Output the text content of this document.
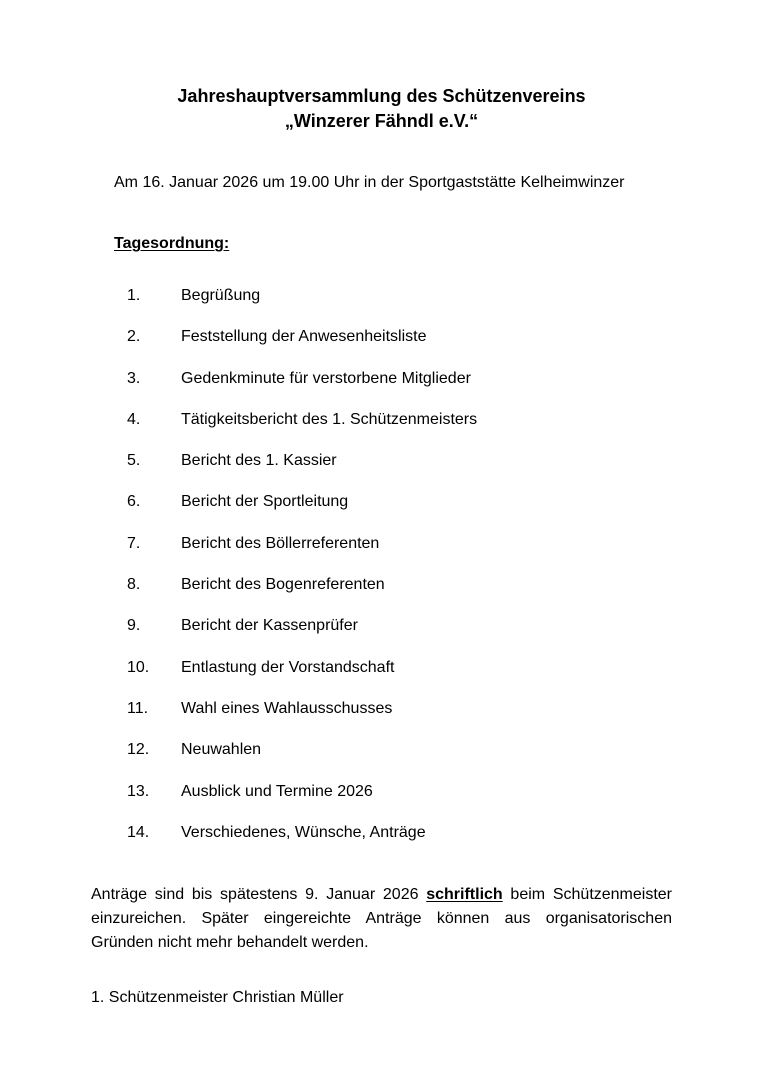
Jahreshauptversammlung des Schützenvereins
„Winzerer Fähndl e.V.“
Am 16. Januar 2026 um 19.00 Uhr in der Sportgaststätte Kelheimwinzer
Tagesordnung:
1.	Begrüßung
2.	Feststellung der Anwesenheitsliste
3.	Gedenkminute für verstorbene Mitglieder
4.	Tätigkeitsbericht des 1. Schützenmeisters
5.	Bericht des 1. Kassier
6.	Bericht der Sportleitung
7.	Bericht des Böllerreferenten
8.	Bericht des Bogenreferenten
9.	Bericht der Kassenprüfer
10. Entlastung der Vorstandschaft
11. Wahl eines Wahlausschusses
12. Neuwahlen
13. Ausblick und Termine 2026
14. Verschiedenes, Wünsche, Anträge
Anträge sind bis spätestens 9. Januar 2026 schriftlich beim Schützenmeister einzureichen. Später eingereichte Anträge können aus organisatorischen Gründen nicht mehr behandelt werden.
1. Schützenmeister Christian Müller
